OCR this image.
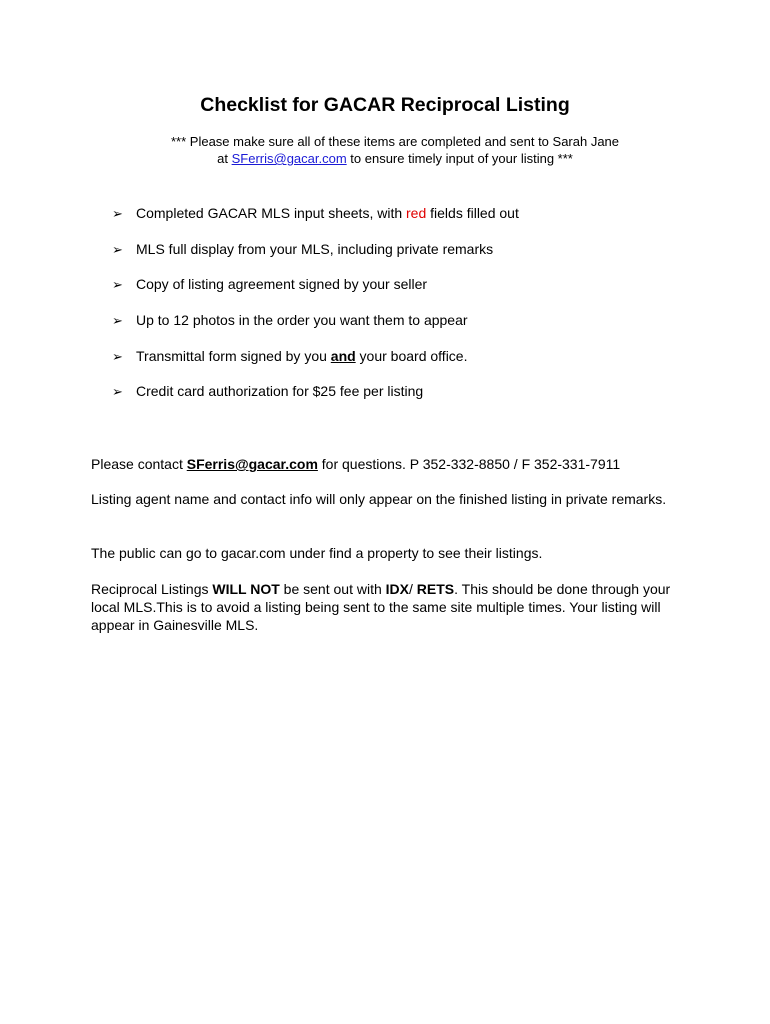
Checklist for GACAR Reciprocal Listing
*** Please make sure all of these items are completed and sent to Sarah Jane
at SFerris@gacar.com to ensure timely input of your listing ***
➢ Completed GACAR MLS input sheets, with red fields filled out
➢ MLS full display from your MLS, including private remarks
➢ Copy of listing agreement signed by your seller
➢ Up to 12 photos in the order you want them to appear
➢ Transmittal form signed by you and your board office.
➢ Credit card authorization for $25 fee per listing

Please contact SFerris@gacar.com for questions. P 352-332-8850 / F 352-331-7911

Listing agent name and contact info will only appear on the finished listing in private remarks.

The public can go to gacar.com under find a property to see their listings.

Reciprocal Listings WILL NOT be sent out with IDX/ RETS. This should be done through your local MLS.This is to avoid a listing being sent to the same site multiple times. Your listing will appear in Gainesville MLS.
